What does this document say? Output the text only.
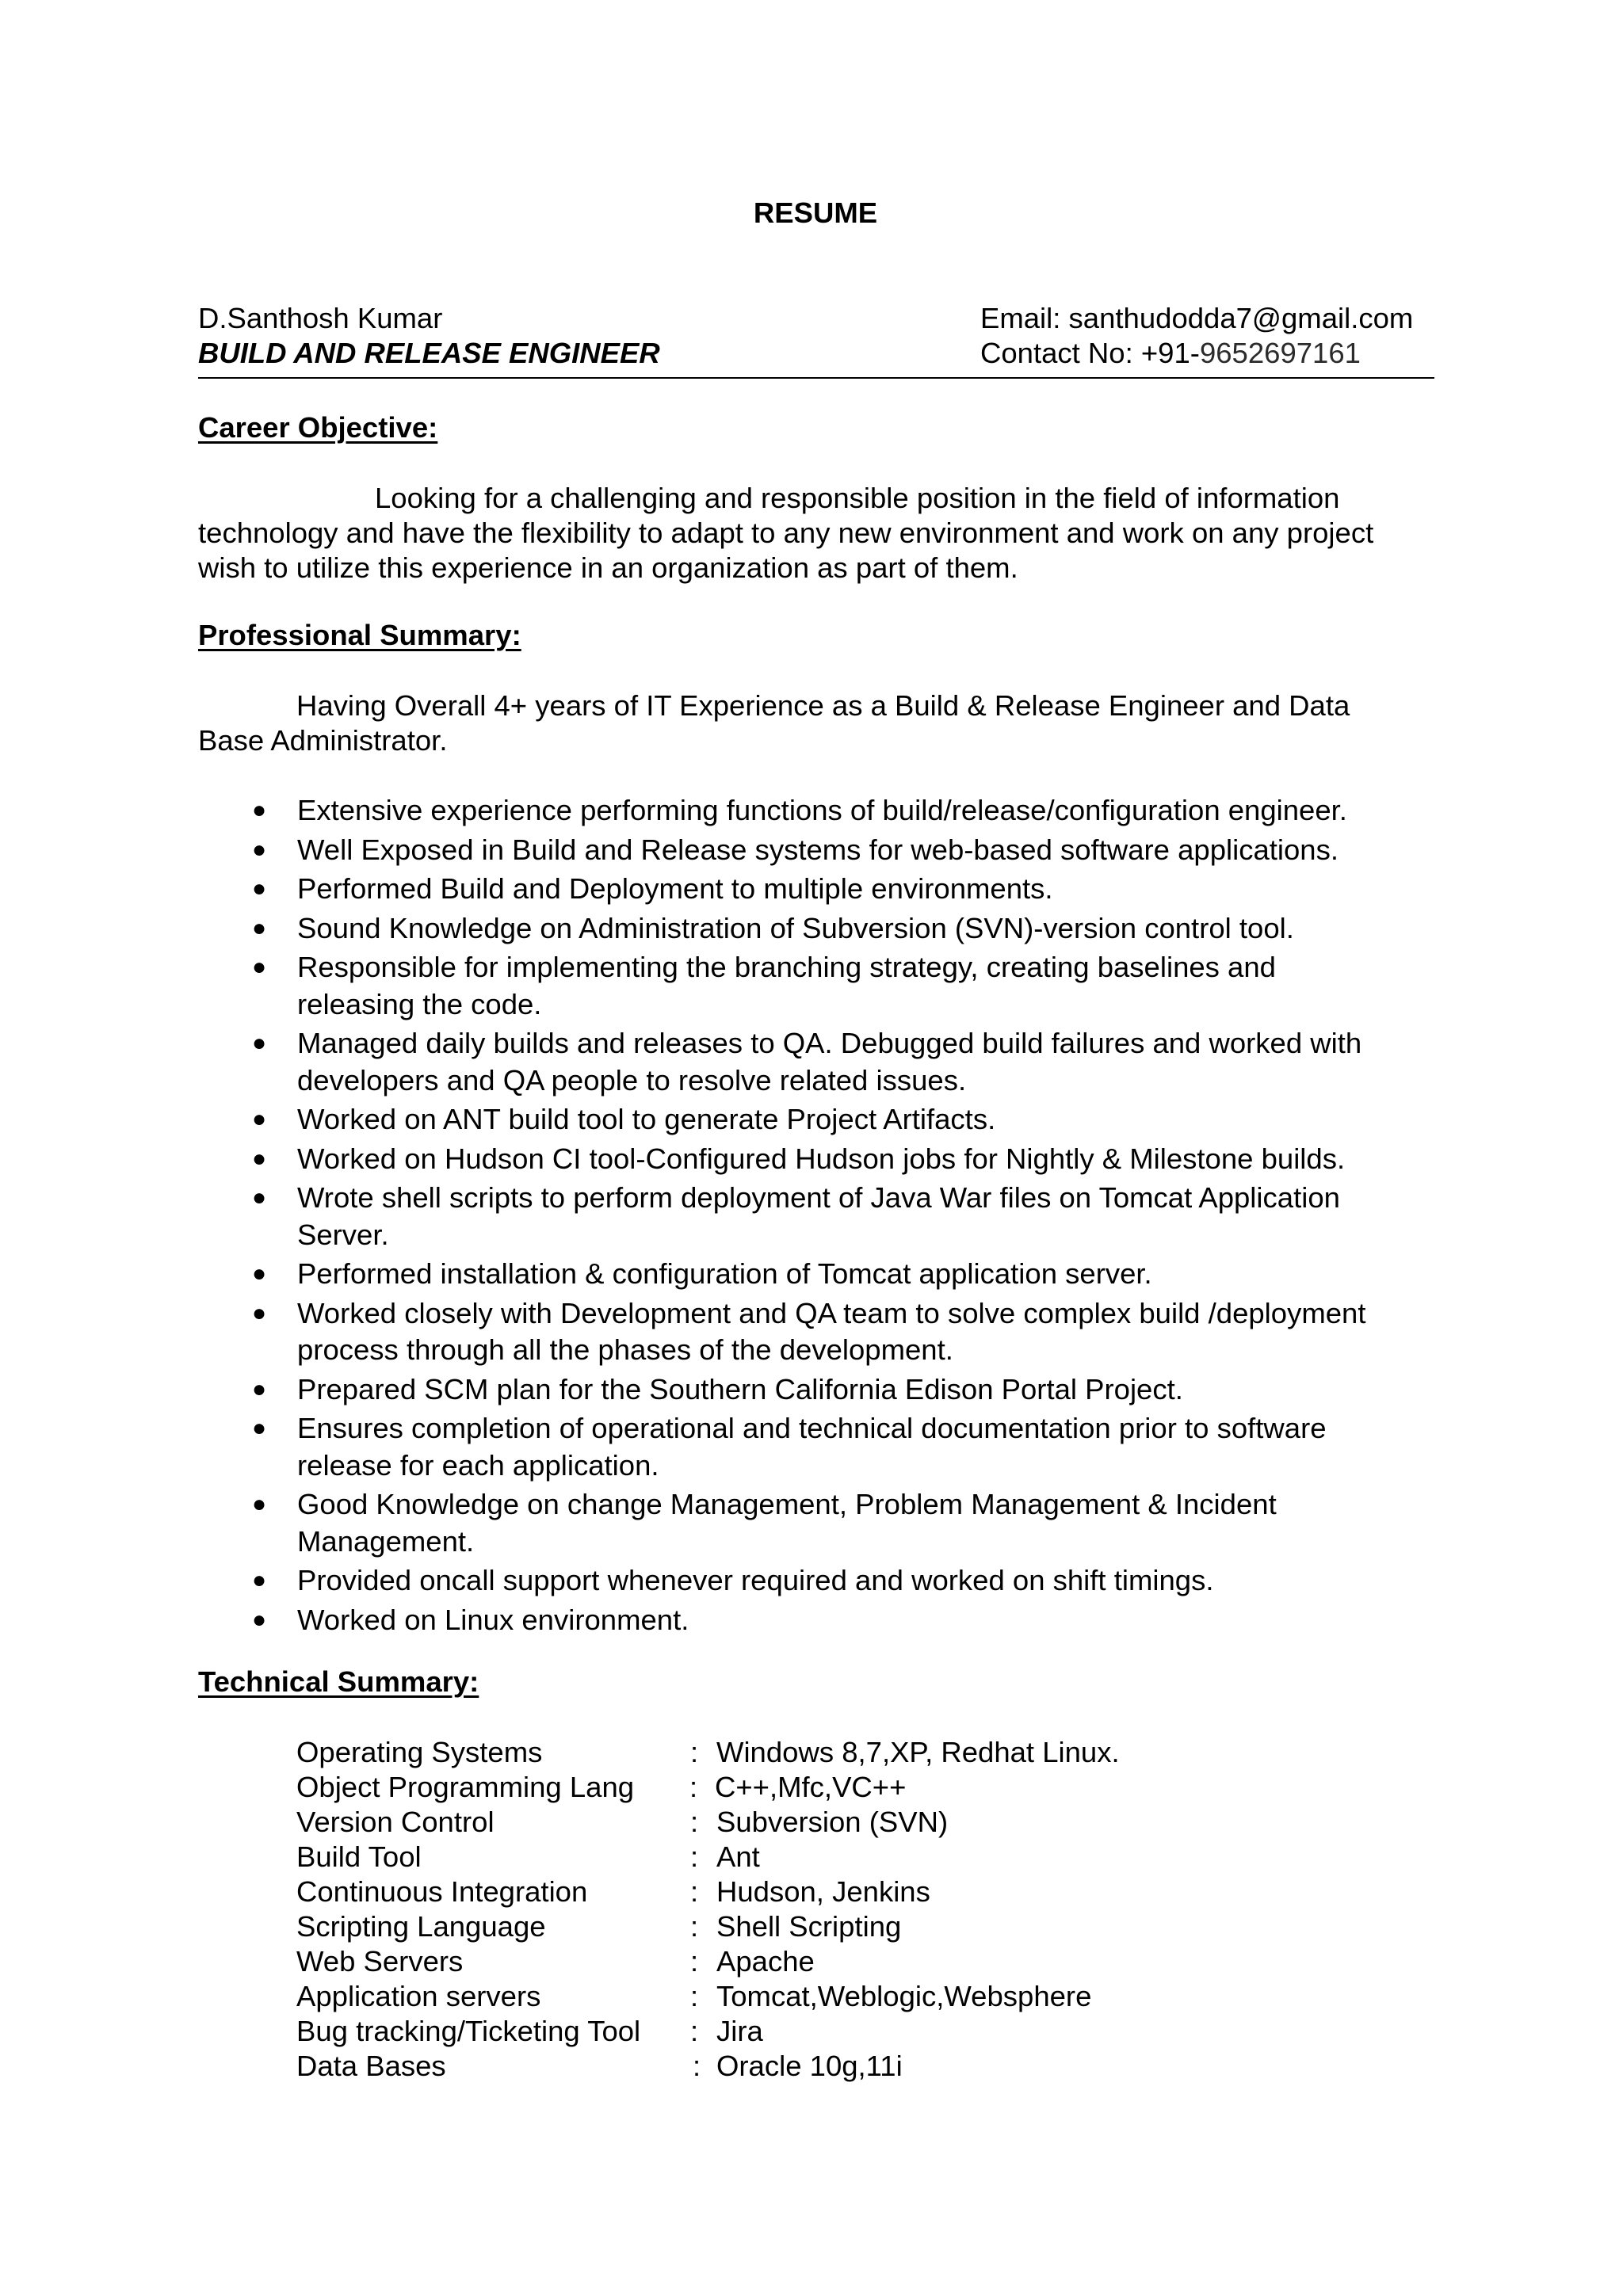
RESUME
D.Santhosh Kumar	Email: santhudodda7@gmail.com
BUILD AND RELEASE ENGINEER	Contact No: +91-9652697161
Career Objective:
Looking for a challenging and responsible position in the field of information
technology and have the flexibility to adapt to any new environment and work on any project
wish to utilize this experience in an organization as part of them.
Professional Summary:
Having Overall 4+ years of IT Experience as a Build & Release Engineer and Data
Base Administrator.
● Extensive experience performing functions of build/release/configuration engineer.
● Well Exposed in Build and Release systems for web-based software applications.
● Performed Build and Deployment to multiple environments.
● Sound Knowledge on Administration of Subversion (SVN)-version control tool.
● Responsible for implementing the branching strategy, creating baselines and
releasing the code.
● Managed daily builds and releases to QA. Debugged build failures and worked with
developers and QA people to resolve related issues.
● Worked on ANT build tool to generate Project Artifacts.
● Worked on Hudson CI tool-Configured Hudson jobs for Nightly & Milestone builds.
● Wrote shell scripts to perform deployment of Java War files on Tomcat Application
Server.
● Performed installation & configuration of Tomcat application server.
● Worked closely with Development and QA team to solve complex build /deployment
process through all the phases of the development.
● Prepared SCM plan for the Southern California Edison Portal Project.
● Ensures completion of operational and technical documentation prior to software
release for each application.
● Good Knowledge on change Management, Problem Management & Incident
Management.
● Provided oncall support whenever required and worked on shift timings.
● Worked on Linux environment.
Technical Summary:
Operating Systems	: Windows 8,7,XP, Redhat Linux.
Object Programming Lang : C++,Mfc,VC++
Version Control	: Subversion (SVN)
Build Tool	: Ant
Continuous Integration	: Hudson, Jenkins
Scripting Language	: Shell Scripting
Web Servers	: Apache
Application servers	: Tomcat,Weblogic,Websphere
Bug tracking/Ticketing Tool : Jira
Data Bases	: Oracle 10g,11i
